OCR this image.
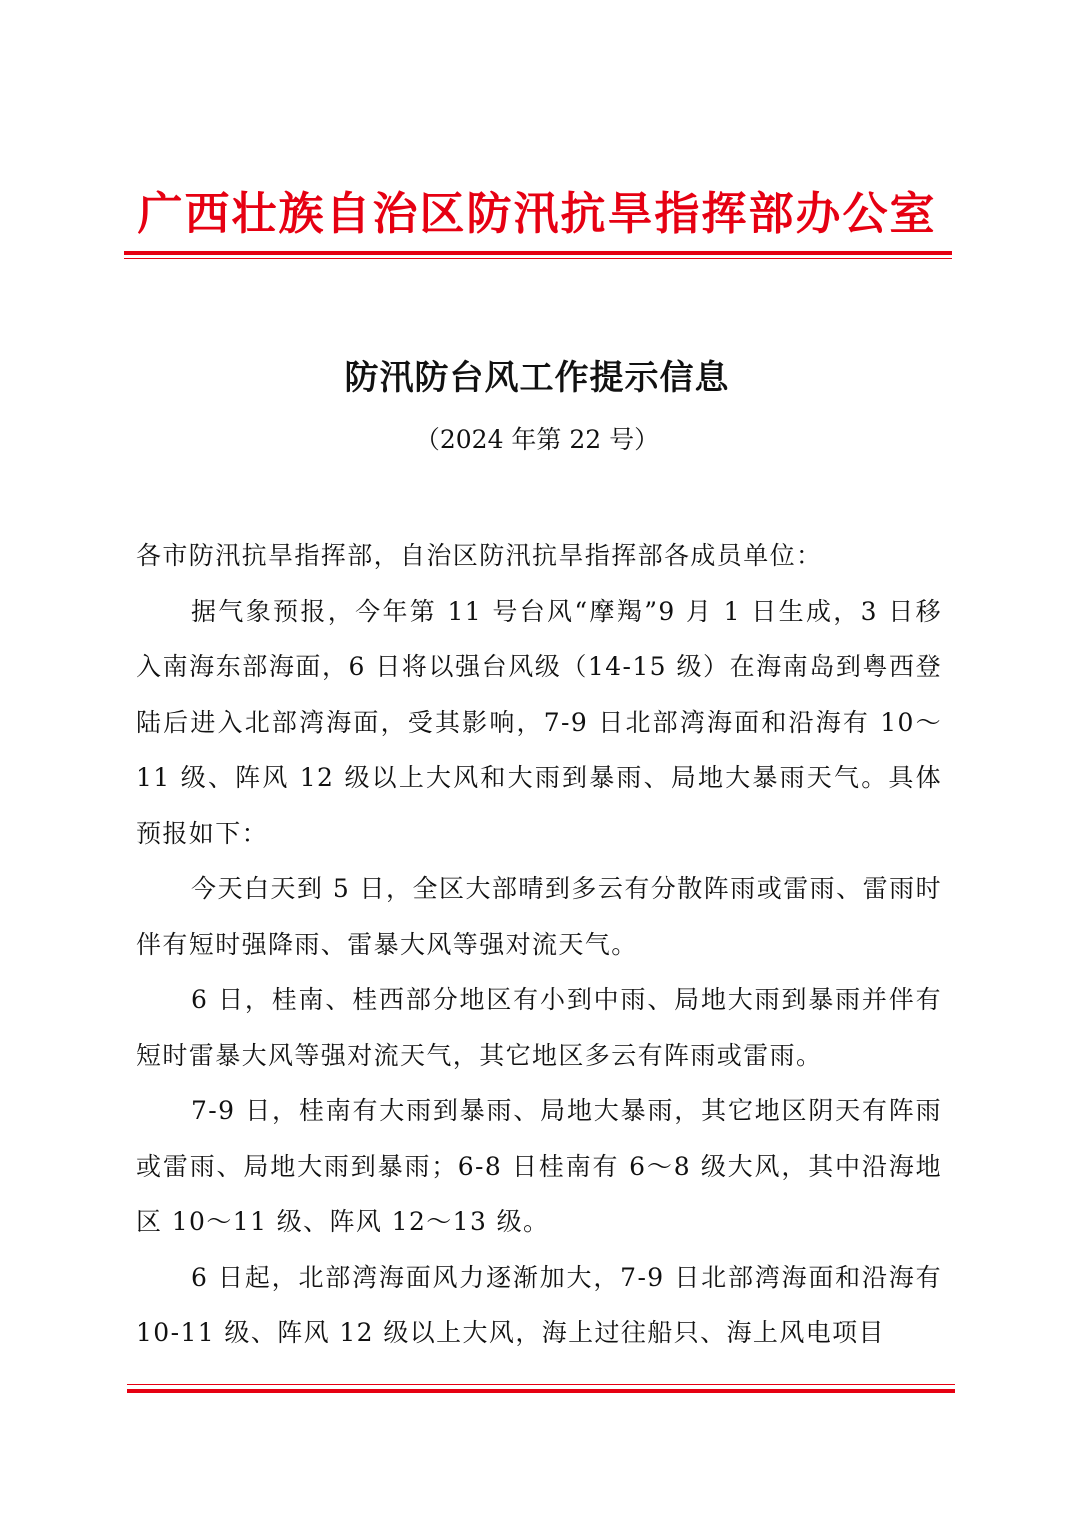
广西壮族自治区防汛抗旱指挥部办公室
防汛防台风工作提示信息
（2024 年第 22 号）

各市防汛抗旱指挥部，自治区防汛抗旱指挥部各成员单位：

据气象预报，今年第 11 号台风“摩羯”9 月 1 日生成，3 日移入南海东部海面，6 日将以强台风级（14-15 级）在海南岛到粤西登陆后进入北部湾海面，受其影响，7-9 日北部湾海面和沿海有 10～11 级、阵风 12 级以上大风和大雨到暴雨、局地大暴雨天气。具体预报如下：

今天白天到 5 日，全区大部晴到多云有分散阵雨或雷雨、雷雨时伴有短时强降雨、雷暴大风等强对流天气。

6 日，桂南、桂西部分地区有小到中雨、局地大雨到暴雨并伴有短时雷暴大风等强对流天气，其它地区多云有阵雨或雷雨。

7-9 日，桂南有大雨到暴雨、局地大暴雨，其它地区阴天有阵雨或雷雨、局地大雨到暴雨；6-8 日桂南有 6～8 级大风，其中沿海地区 10～11 级、阵风 12～13 级。

6 日起，北部湾海面风力逐渐加大，7-9 日北部湾海面和沿海有 10-11 级、阵风 12 级以上大风，海上过往船只、海上风电项目
